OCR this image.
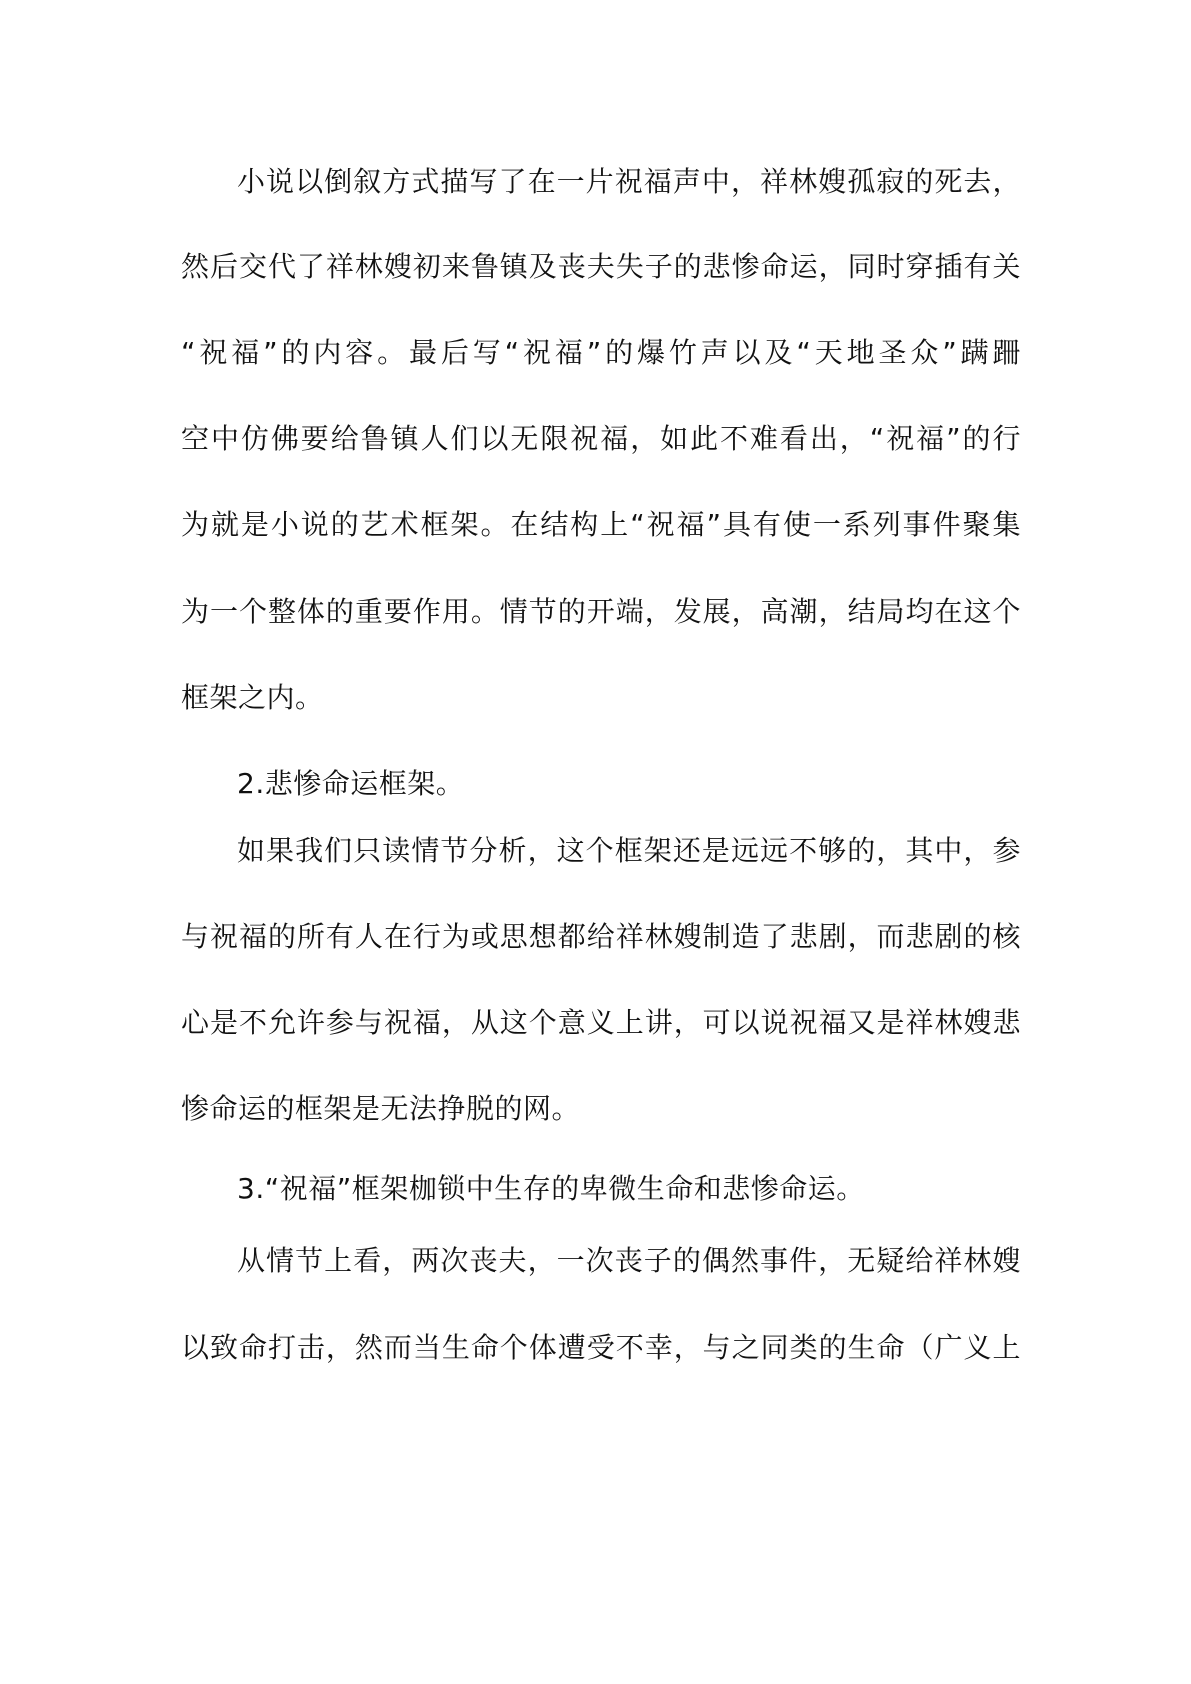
小说以倒叙方式描写了在一片祝福声中，祥林嫂孤寂的死去，
然后交代了祥林嫂初来鲁镇及丧夫失子的悲惨命运，同时穿插有关
“祝福”的内容。最后写“祝福”的爆竹声以及“天地圣众”蹒跚
空中仿佛要给鲁镇人们以无限祝福，如此不难看出，“祝福”的行
为就是小说的艺术框架。在结构上“祝福”具有使一系列事件聚集
为一个整体的重要作用。情节的开端，发展，高潮，结局均在这个
框架之内。
2.悲惨命运框架。
如果我们只读情节分析，这个框架还是远远不够的，其中，参
与祝福的所有人在行为或思想都给祥林嫂制造了悲剧，而悲剧的核
心是不允许参与祝福，从这个意义上讲，可以说祝福又是祥林嫂悲
惨命运的框架是无法挣脱的网。
3.“祝福”框架枷锁中生存的卑微生命和悲惨命运。
从情节上看，两次丧夫，一次丧子的偶然事件，无疑给祥林嫂
以致命打击，然而当生命个体遭受不幸，与之同类的生命（广义上
